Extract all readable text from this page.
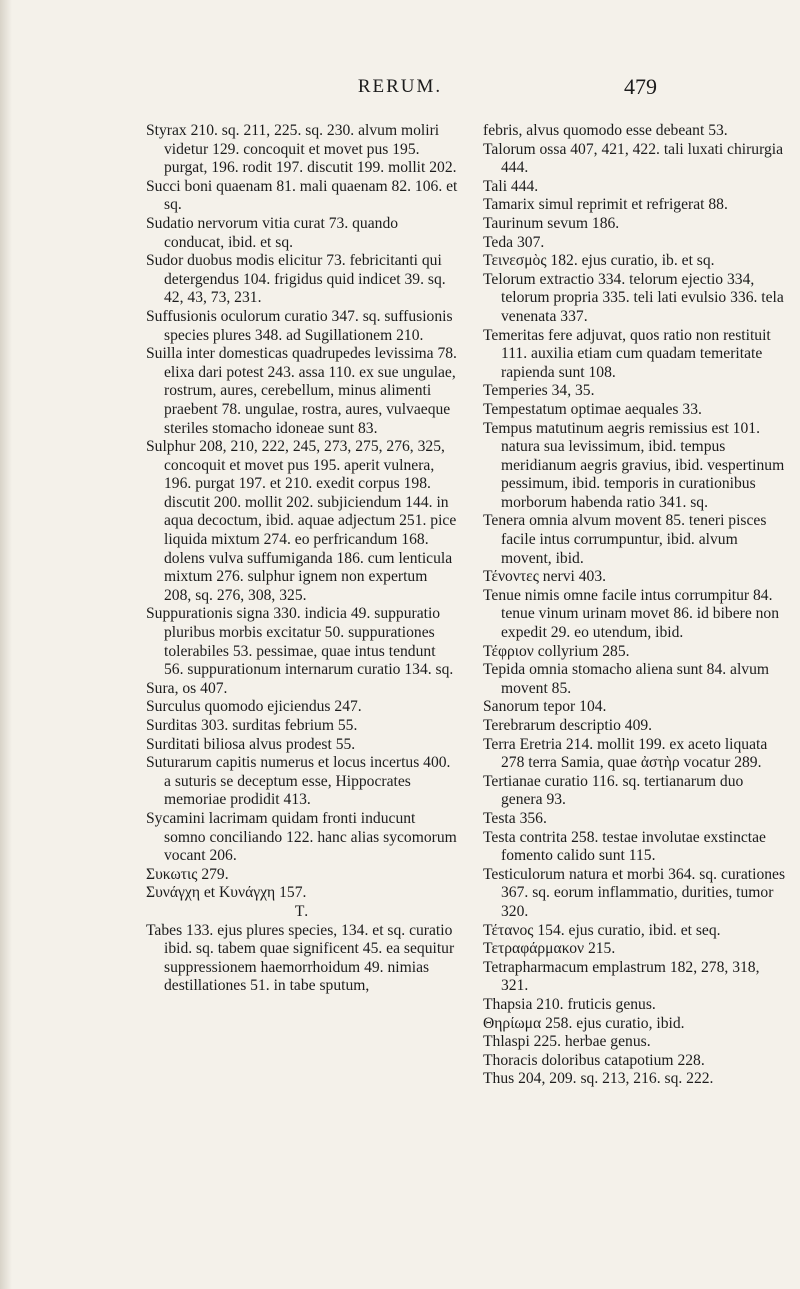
RERUM.	479

Styrax 210. sq. 211, 225. sq. 230. alvum moliri videtur 129. concoquit et movet pus 195. purgat, 196. rodit 197. discutit 199. mollit 202.

Succi boni quaenam 81. mali quaenam 82. 106. et sq.

Sudatio nervorum vitia curat 73. quando conducat, ibid. et sq.

Sudor duobus modis elicitur 73. febricitanti qui detergendus 104. frigidus quid indicet 39. sq. 42, 43, 73, 231.

Suffusionis oculorum curatio 347. sq. suffusionis species plures 348. ad Sugillationem 210.

Suilla inter domesticas quadrupedes levissima 78. elixa dari potest 243. assa 110. ex sue ungulae, rostrum, aures, cerebellum, minus alimenti praebent 78. ungulae, rostra, aures, vulvaeque steriles stomacho idoneae sunt 83.

Sulphur 208, 210, 222, 245, 273, 275, 276, 325, concoquit et movet pus 195. aperit vulnera, 196. purgat 197. et 210. exedit corpus 198. discutit 200. mollit 202. subjiciendum 144. in aqua decoctum, ibid. aquae adjectum 251. pice liquida mixtum 274. eo perfricandum 168. dolens vulva suffumiganda 186. cum lenticula mixtum 276. sulphur ignem non expertum 208, sq. 276, 308, 325.

Suppurationis signa 330. indicia 49. suppuratio pluribus morbis excitatur 50. suppurationes tolerabiles 53. pessimae, quae intus tendunt 56. suppurationum internarum curatio 134. sq.

Sura, os 407.

Surculus quomodo ejiciendus 247.

Surditas 303. surditas febrium 55.

Surditati biliosa alvus prodest 55.

Suturarum capitis numerus et locus incertus 400. a suturis se deceptum esse, Hippocrates memoriae prodidit 413.

Sycamini lacrimam quidam fronti inducunt somno conciliando 122. hanc alias sycomorum vocant 206.

Συκωτις 279.

Συνάγχη et Κυνάγχη 157.

T.

Tabes 133. ejus plures species, 134. et sq. curatio ibid. sq. tabem quae significent 45. ea sequitur suppressionem haemorrhoidum 49. nimias destillationes 51. in tabe sputum,

febris, alvus quomodo esse debeant 53.

Talorum ossa 407, 421, 422. tali luxati chirurgia 444.

Tali 444.

Tamarix simul reprimit et refrigerat 88.

Taurinum sevum 186.

Teda 307.

Τεινεσμὸς 182. ejus curatio, ib. et sq.

Telorum extractio 334. telorum ejectio 334, telorum propria 335. teli lati evulsio 336. tela venenata 337.

Temeritas fere adjuvat, quos ratio non restituit 111. auxilia etiam cum quadam temeritate rapienda sunt 108.

Temperies 34, 35.

Tempestatum optimae aequales 33.

Tempus matutinum aegris remissius est 101. natura sua levissimum, ibid. tempus meridianum aegris gravius, ibid. vespertinum pessimum, ibid. temporis in curationibus morborum habenda ratio 341. sq.

Tenera omnia alvum movent 85. teneri pisces facile intus corrumpuntur, ibid. alvum movent, ibid.

Τένοντες nervi 403.

Tenue nimis omne facile intus corrumpitur 84. tenue vinum urinam movet 86. id bibere non expedit 29. eo utendum, ibid.

Τέφριον collyrium 285.

Tepida omnia stomacho aliena sunt 84. alvum movent 85.

Sanorum tepor 104.

Terebrarum descriptio 409.

Terra Eretria 214. mollit 199. ex aceto liquata 278 terra Samia, quae ἀστὴρ vocatur 289.

Tertianae curatio 116. sq. tertianarum duo genera 93.

Testa 356.

Testa contrita 258. testae involutae exstinctae fomento calido sunt 115.

Testiculorum natura et morbi 364. sq. curationes 367. sq. eorum inflammatio, durities, tumor 320.

Τέτανος 154. ejus curatio, ibid. et seq.

Τετραφάρμακον 215.

Tetrapharmacum emplastrum 182, 278, 318, 321.

Thapsia 210. fruticis genus.

Θηρίωμα 258. ejus curatio, ibid.

Thlaspi 225. herbae genus.

Thoracis doloribus catapotium 228.

Thus 204, 209. sq. 213, 216. sq. 222.
